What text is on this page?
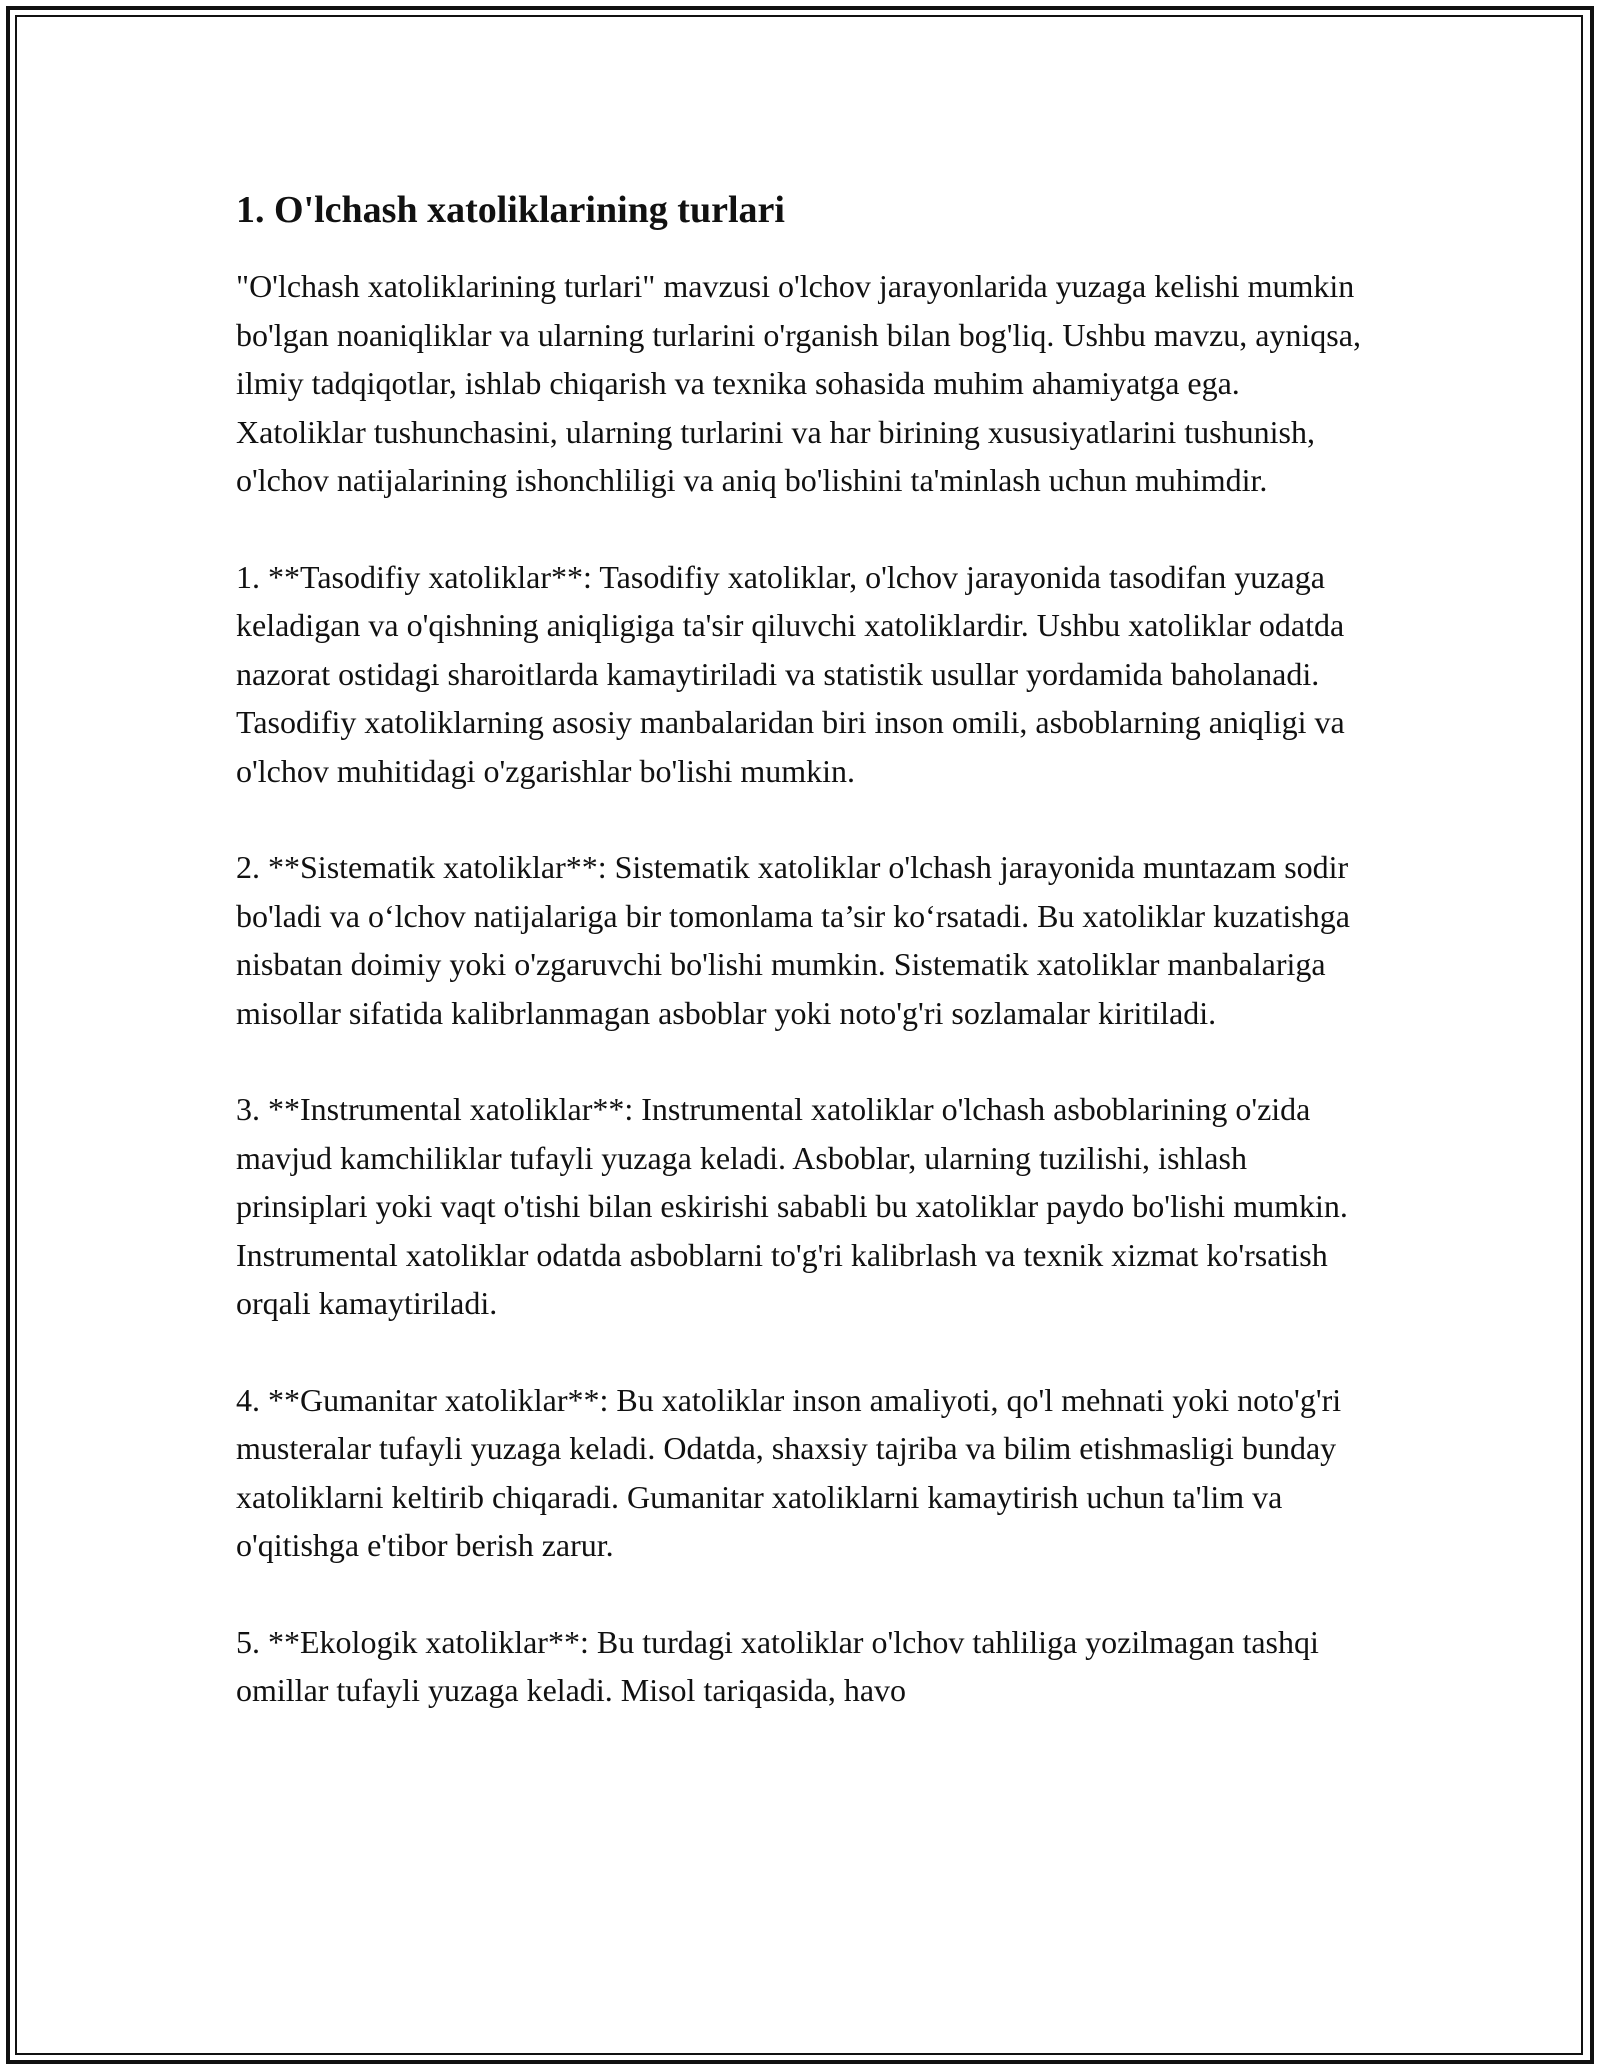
1. O'lchash xatoliklarining turlari

"O'lchash xatoliklarining turlari" mavzusi o'lchov jarayonlarida yuzaga kelishi mumkin bo'lgan noaniqliklar va ularning turlarini o'rganish bilan bog'liq. Ushbu mavzu, ayniqsa, ilmiy tadqiqotlar, ishlab chiqarish va texnika sohasida muhim ahamiyatga ega. Xatoliklar tushunchasini, ularning turlarini va har birining xususiyatlarini tushunish, o'lchov natijalarining ishonchliligi va aniq bo'lishini ta'minlash uchun muhimdir.

1. **Tasodifiy xatoliklar**: Tasodifiy xatoliklar, o'lchov jarayonida tasodifan yuzaga keladigan va o'qishning aniqligiga ta'sir qiluvchi xatoliklardir. Ushbu xatoliklar odatda nazorat ostidagi sharoitlarda kamaytiriladi va statistik usullar yordamida baholanadi. Tasodifiy xatoliklarning asosiy manbalaridan biri inson omili, asboblarning aniqligi va o'lchov muhitidagi o'zgarishlar bo'lishi mumkin.

2. **Sistematik xatoliklar**: Sistematik xatoliklar o'lchash jarayonida muntazam sodir bo'ladi va o‘lchov natijalariga bir tomonlama ta’sir ko‘rsatadi. Bu xatoliklar kuzatishga nisbatan doimiy yoki o'zgaruvchi bo'lishi mumkin. Sistematik xatoliklar manbalariga misollar sifatida kalibrlanmagan asboblar yoki noto'g'ri sozlamalar kiritiladi.

3. **Instrumental xatoliklar**: Instrumental xatoliklar o'lchash asboblarining o'zida mavjud kamchiliklar tufayli yuzaga keladi. Asboblar, ularning tuzilishi, ishlash prinsiplari yoki vaqt o'tishi bilan eskirishi sababli bu xatoliklar paydo bo'lishi mumkin. Instrumental xatoliklar odatda asboblarni to'g'ri kalibrlash va texnik xizmat ko'rsatish orqali kamaytiriladi.

4. **Gumanitar xatoliklar**: Bu xatoliklar inson amaliyoti, qo'l mehnati yoki noto'g'ri musteralar tufayli yuzaga keladi. Odatda, shaxsiy tajriba va bilim etishmasligi bunday xatoliklarni keltirib chiqaradi. Gumanitar xatoliklarni kamaytirish uchun ta'lim va o'qitishga e'tibor berish zarur.

5. **Ekologik xatoliklar**: Bu turdagi xatoliklar o'lchov tahliliga yozilmagan tashqi omillar tufayli yuzaga keladi. Misol tariqasida, havo
